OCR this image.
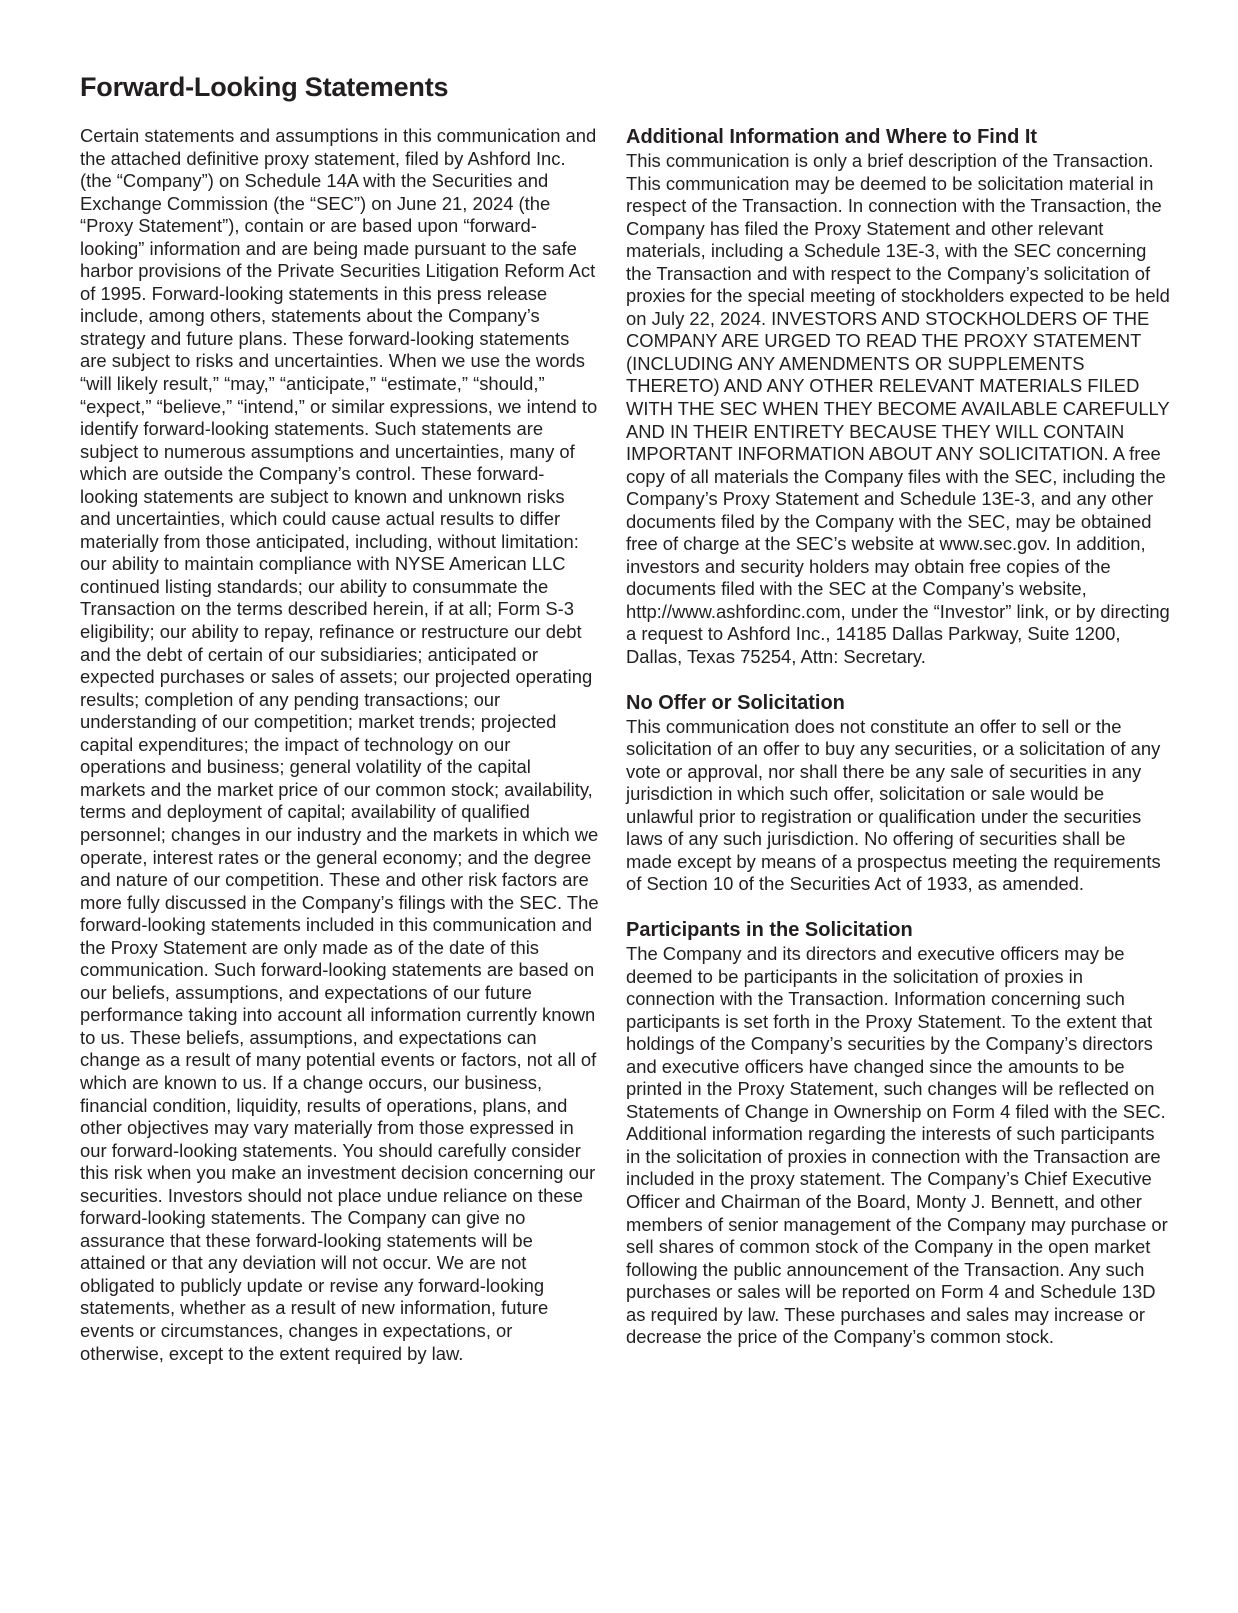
Forward-Looking Statements

Certain statements and assumptions in this communication and the attached definitive proxy statement, filed by Ashford Inc. (the “Company”) on Schedule 14A with the Securities and Exchange Commission (the “SEC”) on June 21, 2024 (the “Proxy Statement”), contain or are based upon “forward-looking” information and are being made pursuant to the safe harbor provisions of the Private Securities Litigation Reform Act of 1995. Forward-looking statements in this press release include, among others, statements about the Company’s strategy and future plans. These forward-looking statements are subject to risks and uncertainties. When we use the words “will likely result,” “may,” “anticipate,” “estimate,” “should,” “expect,” “believe,” “intend,” or similar expressions, we intend to identify forward-looking statements. Such statements are subject to numerous assumptions and uncertainties, many of which are outside the Company’s control. These forward-looking statements are subject to known and unknown risks and uncertainties, which could cause actual results to differ materially from those anticipated, including, without limitation: our ability to maintain compliance with NYSE American LLC continued listing standards; our ability to consummate the Transaction on the terms described herein, if at all; Form S-3 eligibility; our ability to repay, refinance or restructure our debt and the debt of certain of our subsidiaries; anticipated or expected purchases or sales of assets; our projected operating results; completion of any pending transactions; our understanding of our competition; market trends; projected capital expenditures; the impact of technology on our operations and business; general volatility of the capital markets and the market price of our common stock; availability, terms and deployment of capital; availability of qualified personnel; changes in our industry and the markets in which we operate, interest rates or the general economy; and the degree and nature of our competition. These and other risk factors are more fully discussed in the Company’s filings with the SEC. The forward-looking statements included in this communication and the Proxy Statement are only made as of the date of this communication. Such forward-looking statements are based on our beliefs, assumptions, and expectations of our future performance taking into account all information currently known to us. These beliefs, assumptions, and expectations can change as a result of many potential events or factors, not all of which are known to us. If a change occurs, our business, financial condition, liquidity, results of operations, plans, and other objectives may vary materially from those expressed in our forward-looking statements. You should carefully consider this risk when you make an investment decision concerning our securities. Investors should not place undue reliance on these forward-looking statements. The Company can give no assurance that these forward-looking statements will be attained or that any deviation will not occur. We are not obligated to publicly update or revise any forward-looking statements, whether as a result of new information, future events or circumstances, changes in expectations, or otherwise, except to the extent required by law.

Additional Information and Where to Find It

This communication is only a brief description of the Transaction. This communication may be deemed to be solicitation material in respect of the Transaction. In connection with the Transaction, the Company has filed the Proxy Statement and other relevant materials, including a Schedule 13E-3, with the SEC concerning the Transaction and with respect to the Company’s solicitation of proxies for the special meeting of stockholders expected to be held on July 22, 2024. INVESTORS AND STOCKHOLDERS OF THE COMPANY ARE URGED TO READ THE PROXY STATEMENT (INCLUDING ANY AMENDMENTS OR SUPPLEMENTS THERETO) AND ANY OTHER RELEVANT MATERIALS FILED WITH THE SEC WHEN THEY BECOME AVAILABLE CAREFULLY AND IN THEIR ENTIRETY BECAUSE THEY WILL CONTAIN IMPORTANT INFORMATION ABOUT ANY SOLICITATION. A free copy of all materials the Company files with the SEC, including the Company’s Proxy Statement and Schedule 13E-3, and any other documents filed by the Company with the SEC, may be obtained free of charge at the SEC’s website at www.sec.gov. In addition, investors and security holders may obtain free copies of the documents filed with the SEC at the Company’s website, http://www.ashfordinc.com, under the “Investor” link, or by directing a request to Ashford Inc., 14185 Dallas Parkway, Suite 1200, Dallas, Texas 75254, Attn: Secretary.

No Offer or Solicitation

This communication does not constitute an offer to sell or the solicitation of an offer to buy any securities, or a solicitation of any vote or approval, nor shall there be any sale of securities in any jurisdiction in which such offer, solicitation or sale would be unlawful prior to registration or qualification under the securities laws of any such jurisdiction. No offering of securities shall be made except by means of a prospectus meeting the requirements of Section 10 of the Securities Act of 1933, as amended.

Participants in the Solicitation

The Company and its directors and executive officers may be deemed to be participants in the solicitation of proxies in connection with the Transaction. Information concerning such participants is set forth in the Proxy Statement. To the extent that holdings of the Company’s securities by the Company’s directors and executive officers have changed since the amounts to be printed in the Proxy Statement, such changes will be reflected on Statements of Change in Ownership on Form 4 filed with the SEC. Additional information regarding the interests of such participants in the solicitation of proxies in connection with the Transaction are included in the proxy statement. The Company’s Chief Executive Officer and Chairman of the Board, Monty J. Bennett, and other members of senior management of the Company may purchase or sell shares of common stock of the Company in the open market following the public announcement of the Transaction. Any such purchases or sales will be reported on Form 4 and Schedule 13D as required by law. These purchases and sales may increase or decrease the price of the Company’s common stock.
